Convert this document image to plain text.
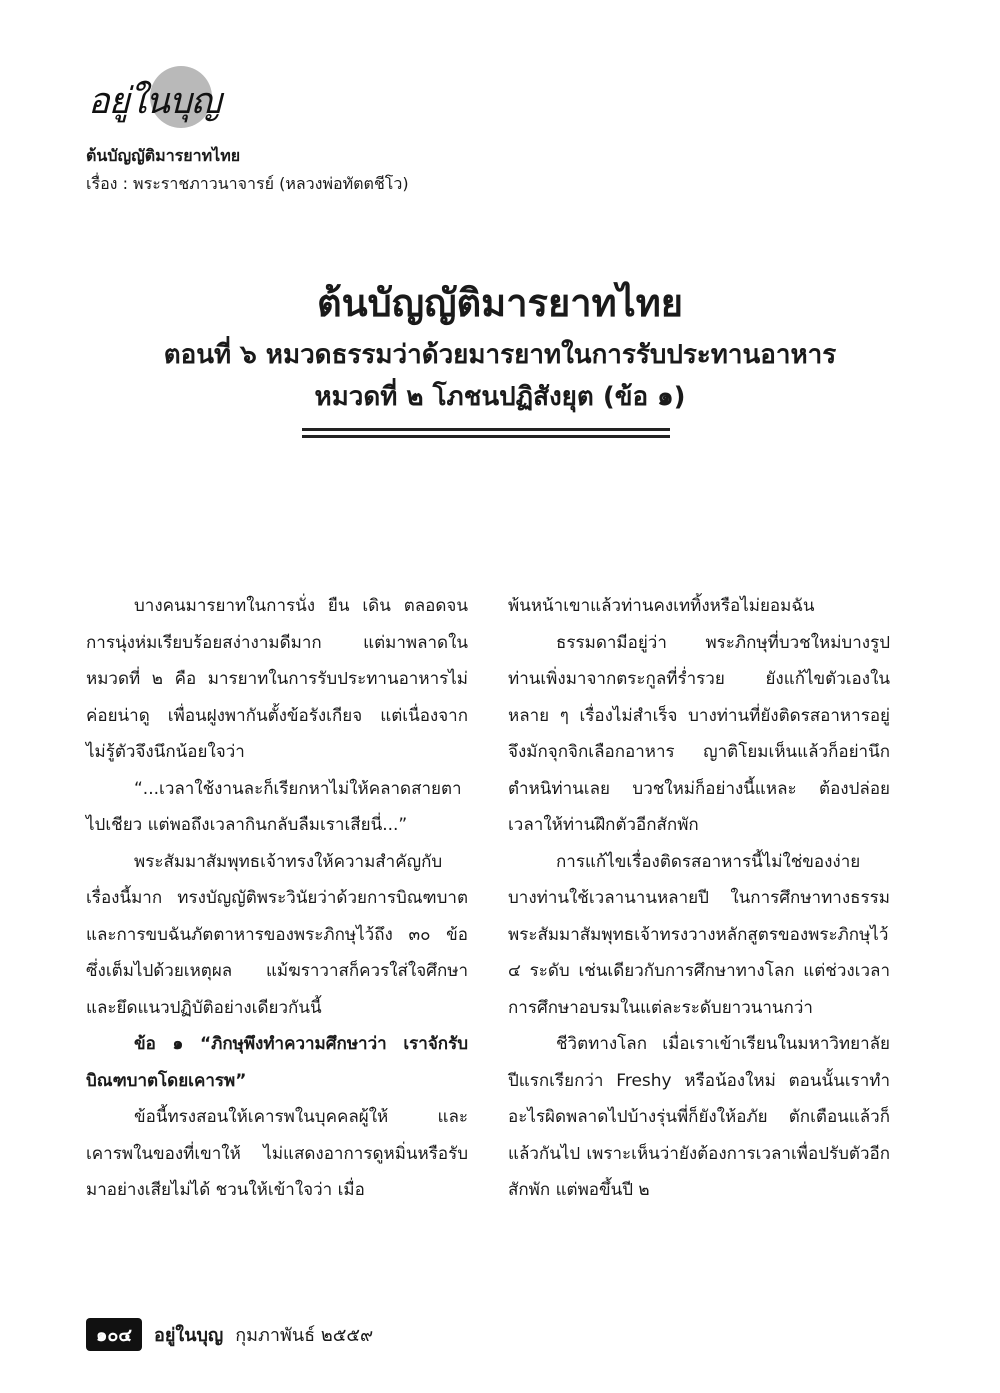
อยู่ในบุญ
ต้นบัญญัติมารยาทไทย
เรื่อง : พระราชภาวนาจารย์ (หลวงพ่อทัตตชีโว)
ต้นบัญญัติมารยาทไทย
ตอนที่ ๖ หมวดธรรมว่าด้วยมารยาทในการรับประทานอาหาร
หมวดที่ ๒ โภชนปฏิสังยุต (ข้อ ๑)

บางคนมารยาทในการนั่ง ยืน เดิน ตลอดจนการนุ่งห่มเรียบร้อยสง่างามดีมาก แต่มาพลาดในหมวดที่ ๒ คือ มารยาทในการรับประทานอาหารไม่ค่อยน่าดู เพื่อนฝูงพากันตั้งข้อรังเกียจ แต่เนื่องจากไม่รู้ตัวจึงนึกน้อยใจว่า

“...เวลาใช้งานละก็เรียกหาไม่ให้คลาดสายตาไปเชียว แต่พอถึงเวลากินกลับลืมเราเสียนี่...”

พระสัมมาสัมพุทธเจ้าทรงให้ความสำคัญกับเรื่องนี้มาก ทรงบัญญัติพระวินัยว่าด้วยการบิณฑบาตและการขบฉันภัตตาหารของพระภิกษุไว้ถึง ๓๐ ข้อ ซึ่งเต็มไปด้วยเหตุผล แม้ฆราวาสก็ควรใส่ใจศึกษาและยึดแนวปฏิบัติอย่างเดียวกันนี้

ข้อ ๑ “ภิกษุพึงทำความศึกษาว่า เราจักรับบิณฑบาตโดยเคารพ”

ข้อนี้ทรงสอนให้เคารพในบุคคลผู้ให้ และเคารพในของที่เขาให้ ไม่แสดงอาการดูหมิ่นหรือรับมาอย่างเสียไม่ได้ ชวนให้เข้าใจว่า เมื่อ

พ้นหน้าเขาแล้วท่านคงเททิ้งหรือไม่ยอมฉัน

ธรรมดามีอยู่ว่า พระภิกษุที่บวชใหม่บางรูป ท่านเพิ่งมาจากตระกูลที่ร่ำรวย ยังแก้ไขตัวเองในหลาย ๆ เรื่องไม่สำเร็จ บางท่านที่ยังติดรสอาหารอยู่จึงมักจุกจิกเลือกอาหาร ญาติโยมเห็นแล้วก็อย่านึกตำหนิท่านเลย บวชใหม่ก็อย่างนี้แหละ ต้องปล่อยเวลาให้ท่านฝึกตัวอีกสักพัก

การแก้ไขเรื่องติดรสอาหารนี้ไม่ใช่ของง่าย บางท่านใช้เวลานานหลายปี ในการศึกษาทางธรรม พระสัมมาสัมพุทธเจ้าทรงวางหลักสูตรของพระภิกษุไว้ ๔ ระดับ เช่นเดียวกับการศึกษาทางโลก แต่ช่วงเวลาการศึกษาอบรมในแต่ละระดับยาวนานกว่า

ชีวิตทางโลก เมื่อเราเข้าเรียนในมหาวิทยาลัยปีแรกเรียกว่า Freshy หรือน้องใหม่ ตอนนั้นเราทำอะไรผิดพลาดไปบ้างรุ่นพี่ก็ยังให้อภัย ตักเตือนแล้วก็แล้วกันไป เพราะเห็นว่ายังต้องการเวลาเพื่อปรับตัวอีกสักพัก แต่พอขึ้นปี ๒

๑๐๔	อยู่ในบุญ กุมภาพันธ์ ๒๕๕๙
